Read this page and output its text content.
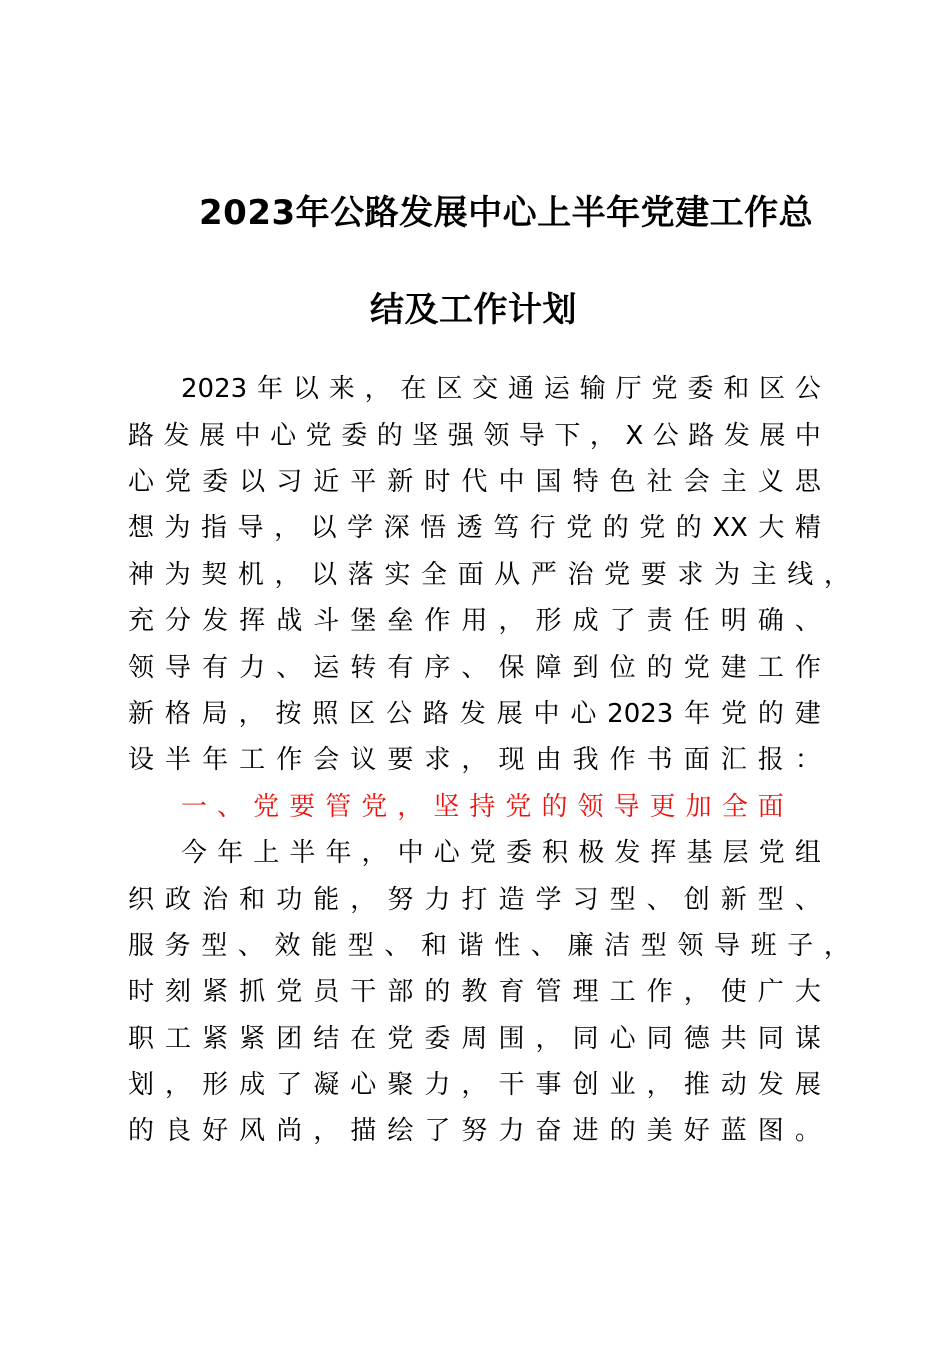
2023年公路发展中心上半年党建工作总
结及工作计划
2023 年 以 来 ， 在 区 交 通 运 输 厅 党 委 和 区 公
路 发 展 中 心 党 委 的 坚 强 领 导 下 ， X 公 路 发 展 中
心 党 委 以 习 近 平 新 时 代 中 国 特 色 社 会 主 义 思
想 为 指 导 ， 以 学 深 悟 透 笃 行 党 的 党 的 XX 大 精
神 为 契 机 ， 以 落 实 全 面 从 严 治 党 要 求 为 主 线 ，
充 分 发 挥 战 斗 堡 垒 作 用 ， 形 成 了 责 任 明 确 、
领 导 有 力 、 运 转 有 序 、 保 障 到 位 的 党 建 工 作
新 格 局 ， 按 照 区 公 路 发 展 中 心 2023 年 党 的 建
设 半 年 工 作 会 议 要 求 ， 现 由 我 作 书 面 汇 报 ：
一 、 党 要 管 党 ， 坚 持 党 的 领 导 更 加 全 面
今 年 上 半 年 ， 中 心 党 委 积 极 发 挥 基 层 党 组
织 政 治 和 功 能 ， 努 力 打 造 学 习 型 、 创 新 型 、
服 务 型 、 效 能 型 、 和 谐 性 、 廉 洁 型 领 导 班 子 ，
时 刻 紧 抓 党 员 干 部 的 教 育 管 理 工 作 ， 使 广 大
职 工 紧 紧 团 结 在 党 委 周 围 ， 同 心 同 德 共 同 谋
划 ， 形 成 了 凝 心 聚 力 ， 干 事 创 业 ， 推 动 发 展
的 良 好 风 尚 ， 描 绘 了 努 力 奋 进 的 美 好 蓝 图 。
